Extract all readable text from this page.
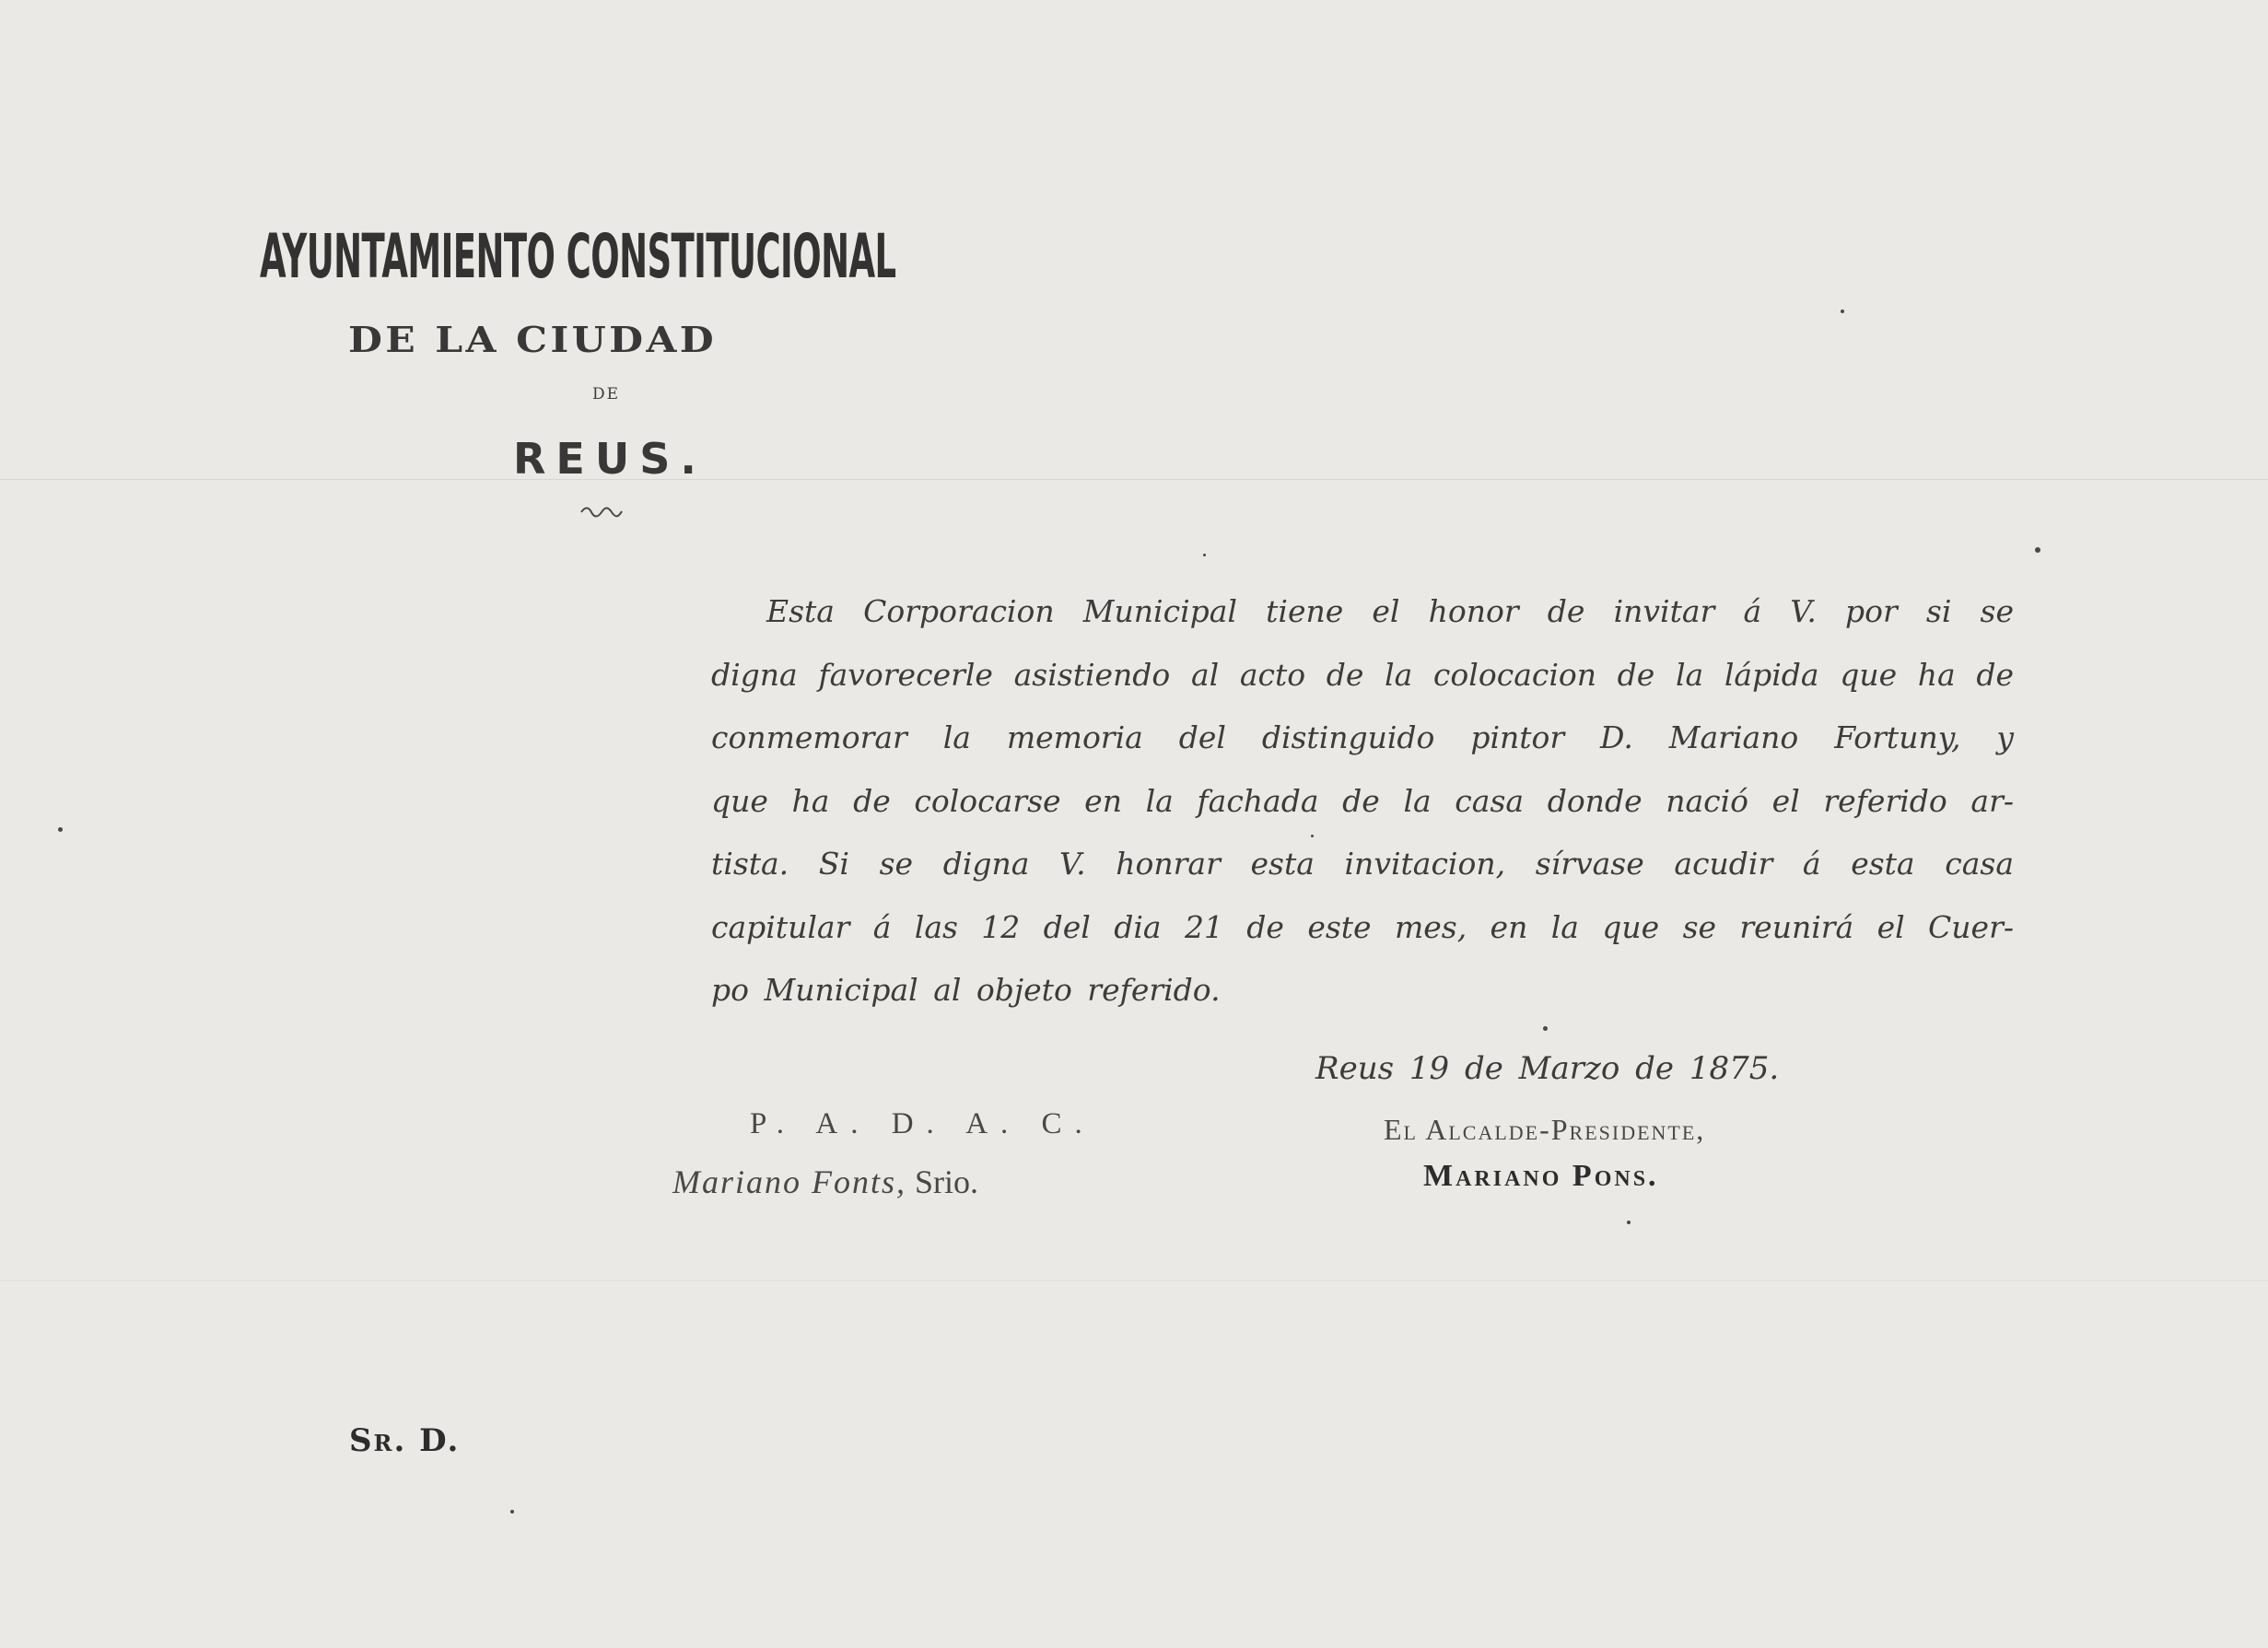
AYUNTAMIENTO CONSTITUCIONAL
DE LA CIUDAD
DE
REUS.
Esta Corporacion Municipal tiene el honor de invitar á V. por si se
digna favorecerle asistiendo al acto de la colocacion de la lápida que ha de
conmemorar la memoria del distinguido pintor D. Mariano Fortuny, y
que ha de colocarse en la fachada de la casa donde nació el referido ar-
tista. Si se digna V. honrar esta invitacion, sírvase acudir á esta casa
capitular á las 12 del dia 21 de este mes, en la que se reunirá el Cuer-
po Municipal al objeto referido.
Reus 19 de Marzo de 1875.
P. A. D. A. C.
Mariano Fonts, Srio.
El Alcalde-Presidente,
Mariano Pons.
Sr. D.
